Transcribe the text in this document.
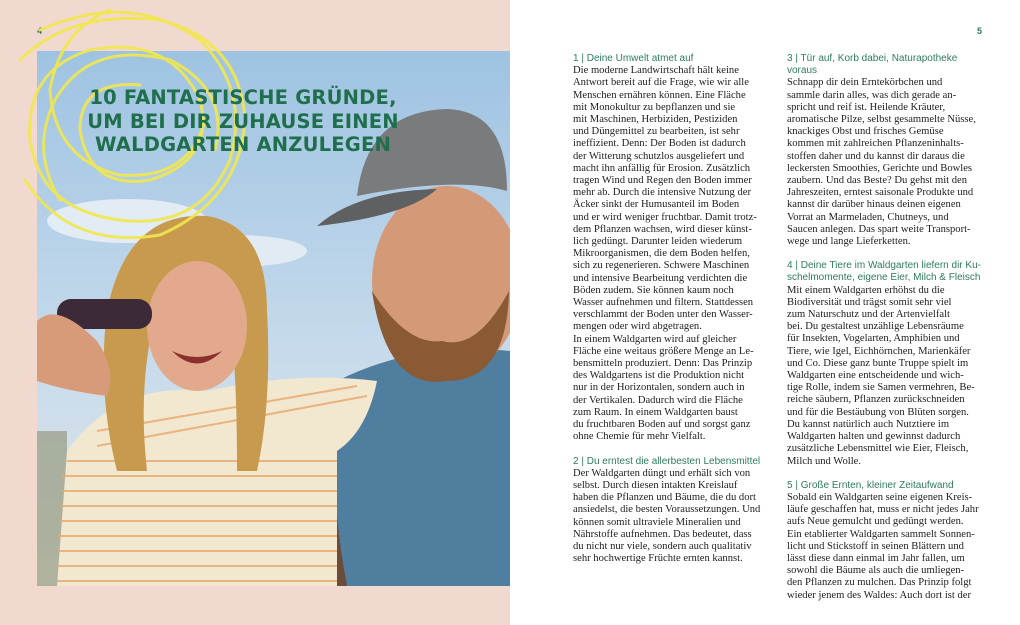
4
10 FANTASTISCHE GRÜNDE,
UM BEI DIR ZUHAUSE EINEN
WALDGARTEN ANZULEGEN
5
1 | Deine Umwelt atmet auf

Die moderne Landwirtschaft hält keine

Antwort bereit auf die Frage, wie wir alle

Menschen ernähren können. Eine Fläche

mit Monokultur zu bepflanzen und sie

mit Maschinen, Herbiziden, Pestiziden

und Düngemittel zu bearbeiten, ist sehr

ineffizient. Denn: Der Boden ist dadurch

der Witterung schutzlos ausgeliefert und

macht ihn anfällig für Erosion. Zusätzlich

tragen Wind und Regen den Boden immer

mehr ab. Durch die intensive Nutzung der

Äcker sinkt der Humusanteil im Boden

und er wird weniger fruchtbar. Damit trotz-

dem Pflanzen wachsen, wird dieser künst-

lich gedüngt. Darunter leiden wiederum

Mikroorganismen, die dem Boden helfen,

sich zu regenerieren. Schwere Maschinen

und intensive Bearbeitung verdichten die

Böden zudem. Sie können kaum noch

Wasser aufnehmen und filtern. Stattdessen

verschlammt der Boden unter den Wasser-

mengen oder wird abgetragen.

In einem Waldgarten wird auf gleicher

Fläche eine weitaus größere Menge an Le-

bensmitteln produziert. Denn: Das Prinzip

des Waldgartens ist die Produktion nicht

nur in der Horizontalen, sondern auch in

der Vertikalen. Dadurch wird die Fläche

zum Raum. In einem Waldgarten baust

du fruchtbaren Boden auf und sorgst ganz

ohne Chemie für mehr Vielfalt.

2 | Du erntest die allerbesten Lebensmittel

Der Waldgarten düngt und erhält sich von

selbst. Durch diesen intakten Kreislauf

haben die Pflanzen und Bäume, die du dort

ansiedelst, die besten Voraussetzungen. Und

können somit ultraviele Mineralien und

Nährstoffe aufnehmen. Das bedeutet, dass

du nicht nur viele, sondern auch qualitativ

sehr hochwertige Früchte ernten kannst.

3 | Tür auf, Korb dabei, Naturapotheke voraus

Schnapp dir dein Erntekörbchen und

sammle darin alles, was dich gerade an-

spricht und reif ist. Heilende Kräuter,

aromatische Pilze, selbst gesammelte Nüsse,

knackiges Obst und frisches Gemüse

kommen mit zahlreichen Pflanzeninhalts-

stoffen daher und du kannst dir daraus die

leckersten Smoothies, Gerichte und Bowles

zaubern. Und das Beste? Du gehst mit den

Jahreszeiten, erntest saisonale Produkte und

kannst dir darüber hinaus deinen eigenen

Vorrat an Marmeladen, Chutneys, und

Saucen anlegen. Das spart weite Transport-

wege und lange Lieferketten.

4 | Deine Tiere im Waldgarten liefern dir Ku-
schelmomente, eigene Eier, Milch & Fleisch

Mit einem Waldgarten erhöhst du die

Biodiversität und trägst somit sehr viel

zum Naturschutz und der Artenvielfalt

bei. Du gestaltest unzählige Lebensräume

für Insekten, Vogelarten, Amphibien und

Tiere, wie Igel, Eichhörnchen, Marienkäfer

und Co. Diese ganz bunte Truppe spielt im

Waldgarten eine entscheidende und wich-

tige Rolle, indem sie Samen vermehren, Be-

reiche säubern, Pflanzen zurückschneiden

und für die Bestäubung von Blüten sorgen.

Du kannst natürlich auch Nutztiere im

Waldgarten halten und gewinnst dadurch

zusätzliche Lebensmittel wie Eier, Fleisch,

Milch und Wolle.

5 | Große Ernten, kleiner Zeitaufwand

Sobald ein Waldgarten seine eigenen Kreis-

läufe geschaffen hat, muss er nicht jedes Jahr

aufs Neue gemulcht und gedüngt werden.

Ein etablierter Waldgarten sammelt Sonnen-

licht und Stickstoff in seinen Blättern und

lässt diese dann einmal im Jahr fallen, um

sowohl die Bäume als auch die umliegen-

den Pflanzen zu mulchen. Das Prinzip folgt

wieder jenem des Waldes: Auch dort ist der
